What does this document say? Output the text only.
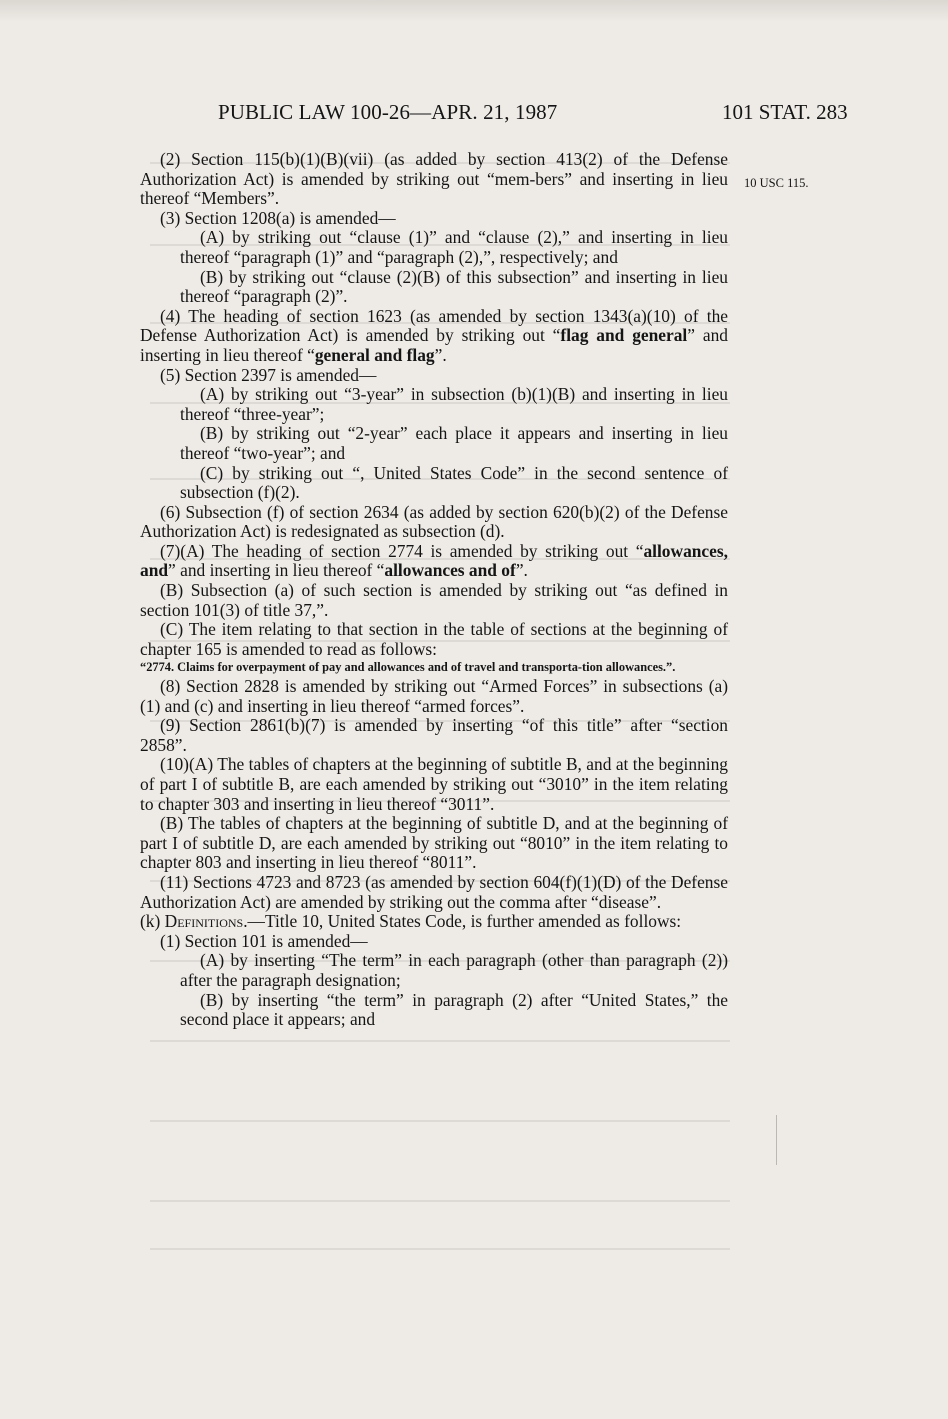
PUBLIC LAW 100-26—APR. 21, 1987	101 STAT. 283
10 USC 115.

(2) Section 115(b)(1)(B)(vii) (as added by section 413(2) of the Defense Authorization Act) is amended by striking out “mem-bers” and inserting in lieu thereof “Members”.

(3) Section 1208(a) is amended—

(A) by striking out “clause (1)” and “clause (2),” and inserting in lieu thereof “paragraph (1)” and “paragraph (2),”, respectively; and

(B) by striking out “clause (2)(B) of this subsection” and inserting in lieu thereof “paragraph (2)”.

(4) The heading of section 1623 (as amended by section 1343(a)(10) of the Defense Authorization Act) is amended by striking out “flag and general” and inserting in lieu thereof “general and flag”.

(5) Section 2397 is amended—

(A) by striking out “3-year” in subsection (b)(1)(B) and inserting in lieu thereof “three-year”;

(B) by striking out “2-year” each place it appears and inserting in lieu thereof “two-year”; and

(C) by striking out “, United States Code” in the second sentence of subsection (f)(2).

(6) Subsection (f) of section 2634 (as added by section 620(b)(2) of the Defense Authorization Act) is redesignated as subsection (d).

(7)(A) The heading of section 2774 is amended by striking out “allowances, and” and inserting in lieu thereof “allowances and of”.

(B) Subsection (a) of such section is amended by striking out “as defined in section 101(3) of title 37,”.

(C) The item relating to that section in the table of sections at the beginning of chapter 165 is amended to read as follows:

“2774. Claims for overpayment of pay and allowances and of travel and transporta-tion allowances.”.

(8) Section 2828 is amended by striking out “Armed Forces” in subsections (a)(1) and (c) and inserting in lieu thereof “armed forces”.

(9) Section 2861(b)(7) is amended by inserting “of this title” after “section 2858”.

(10)(A) The tables of chapters at the beginning of subtitle B, and at the beginning of part I of subtitle B, are each amended by striking out “3010” in the item relating to chapter 303 and inserting in lieu thereof “3011”.

(B) The tables of chapters at the beginning of subtitle D, and at the beginning of part I of subtitle D, are each amended by striking out “8010” in the item relating to chapter 803 and inserting in lieu thereof “8011”.

(11) Sections 4723 and 8723 (as amended by section 604(f)(1)(D) of the Defense Authorization Act) are amended by striking out the comma after “disease”.

(k) Definitions.—Title 10, United States Code, is further amended as follows:

(1) Section 101 is amended—

(A) by inserting “The term” in each paragraph (other than paragraph (2)) after the paragraph designation;

(B) by inserting “the term” in paragraph (2) after “United States,” the second place it appears; and
